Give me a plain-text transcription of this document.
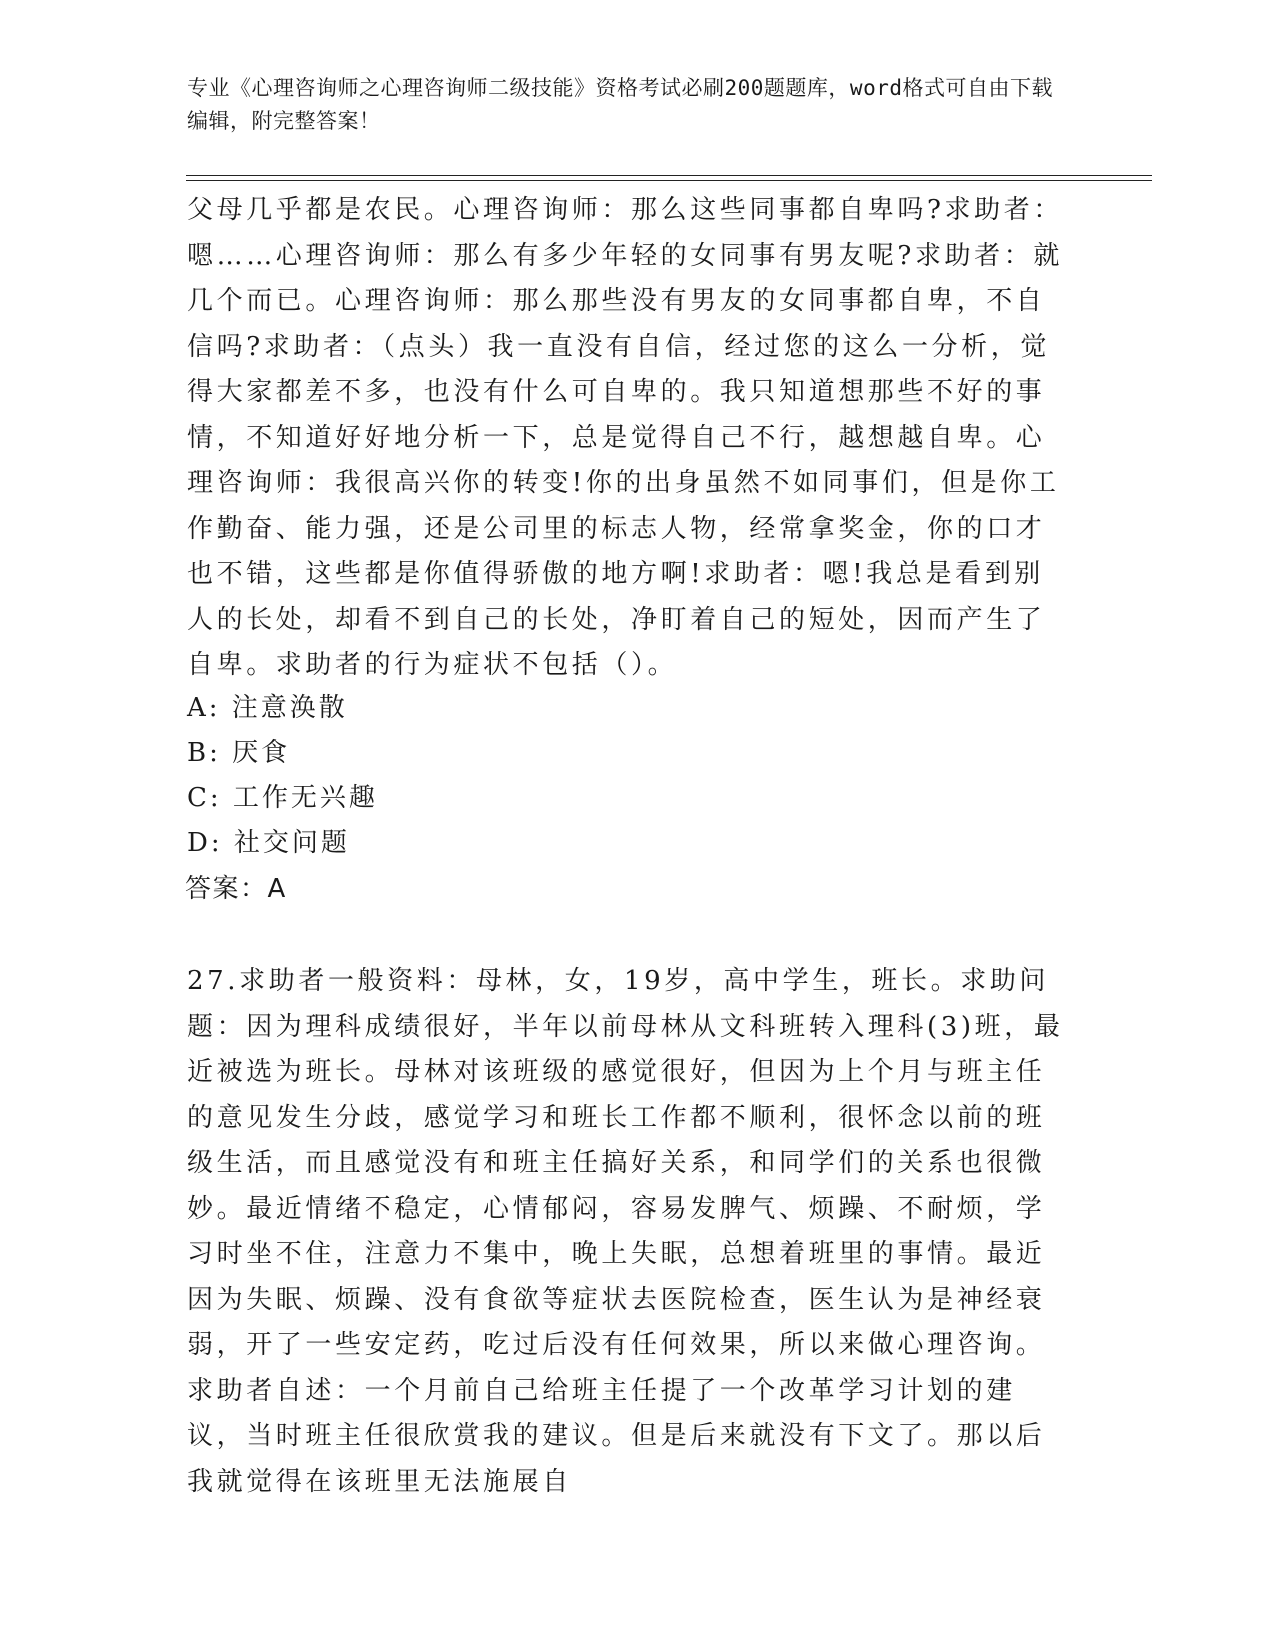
专业《心理咨询师之心理咨询师二级技能》资格考试必刷200题题库，word格式可自由下载编辑，附完整答案！
父母几乎都是农民。心理咨询师：那么这些同事都自卑吗?求助者：嗯……心理咨询师：那么有多少年轻的女同事有男友呢?求助者：就几个而已。心理咨询师：那么那些没有男友的女同事都自卑，不自信吗?求助者：（点头）我一直没有自信，经过您的这么一分析，觉得大家都差不多，也没有什么可自卑的。我只知道想那些不好的事情，不知道好好地分析一下，总是觉得自己不行，越想越自卑。心理咨询师：我很高兴你的转变!你的出身虽然不如同事们，但是你工作勤奋、能力强，还是公司里的标志人物，经常拿奖金，你的口才也不错，这些都是你值得骄傲的地方啊!求助者：嗯!我总是看到别人的长处，却看不到自己的长处，净盯着自己的短处，因而产生了自卑。求助者的行为症状不包括（）。
A: 注意涣散
B: 厌食
C: 工作无兴趣
D: 社交问题
答案：A
27.求助者一般资料：母林，女，19岁，高中学生，班长。求助问题：因为理科成绩很好，半年以前母林从文科班转入理科(3)班，最近被选为班长。母林对该班级的感觉很好，但因为上个月与班主任的意见发生分歧，感觉学习和班长工作都不顺利，很怀念以前的班级生活，而且感觉没有和班主任搞好关系，和同学们的关系也很微妙。最近情绪不稳定，心情郁闷，容易发脾气、烦躁、不耐烦，学习时坐不住，注意力不集中，晚上失眠，总想着班里的事情。最近因为失眠、烦躁、没有食欲等症状去医院检查，医生认为是神经衰弱，开了一些安定药，吃过后没有任何效果，所以来做心理咨询。求助者自述：一个月前自己给班主任提了一个改革学习计划的建议，当时班主任很欣赏我的建议。但是后来就没有下文了。那以后我就觉得在该班里无法施展自
